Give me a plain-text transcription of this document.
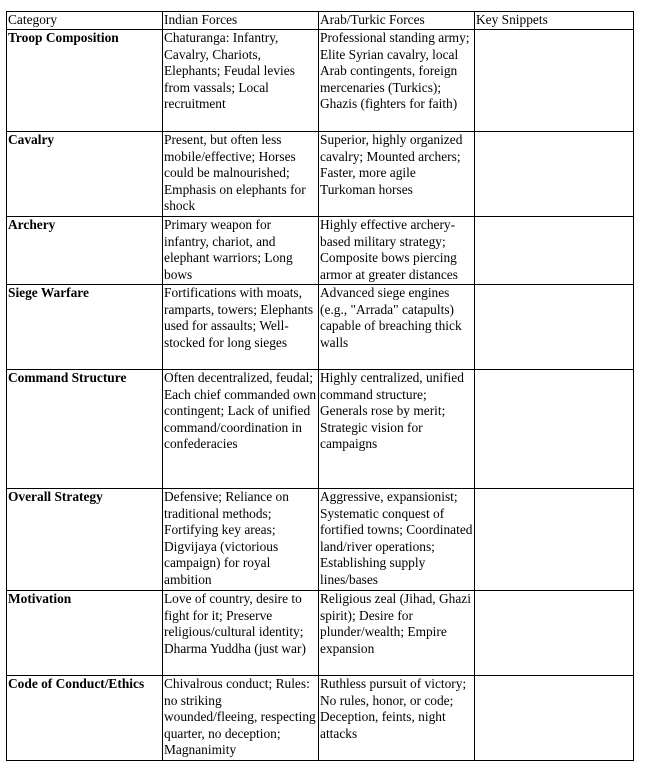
Category	Indian Forces	Arab/Turkic Forces	Key Snippets
Troop Composition	Chaturanga: Infantry, Cavalry, Chariots, Elephants; Feudal levies from vassals; Local recruitment	Professional standing army; Elite Syrian cavalry, local Arab contingents, foreign mercenaries (Turkics); Ghazis (fighters for faith)	
Cavalry	Present, but often less mobile/effective; Horses could be malnourished; Emphasis on elephants for shock	Superior, highly organized cavalry; Mounted archers; Faster, more agile Turkoman horses	
Archery	Primary weapon for infantry, chariot, and elephant warriors; Long bows	Highly effective archery-based military strategy; Composite bows piercing armor at greater distances	
Siege Warfare	Fortifications with moats, ramparts, towers; Elephants used for assaults; Well-stocked for long sieges	Advanced siege engines (e.g., "Arrada" catapults) capable of breaching thick walls	
Command Structure	Often decentralized, feudal; Each chief commanded own contingent; Lack of unified command/coordination in confederacies	Highly centralized, unified command structure; Generals rose by merit; Strategic vision for campaigns	
Overall Strategy	Defensive; Reliance on traditional methods; Fortifying key areas; Digvijaya (victorious campaign) for royal ambition	Aggressive, expansionist; Systematic conquest of fortified towns; Coordinated land/river operations; Establishing supply lines/bases	
Motivation	Love of country, desire to fight for it; Preserve religious/cultural identity; Dharma Yuddha (just war)	Religious zeal (Jihad, Ghazi spirit); Desire for plunder/wealth; Empire expansion	
Code of Conduct/Ethics	Chivalrous conduct; Rules: no striking wounded/fleeing, respecting quarter, no deception; Magnanimity	Ruthless pursuit of victory; No rules, honor, or code; Deception, feints, night attacks	
